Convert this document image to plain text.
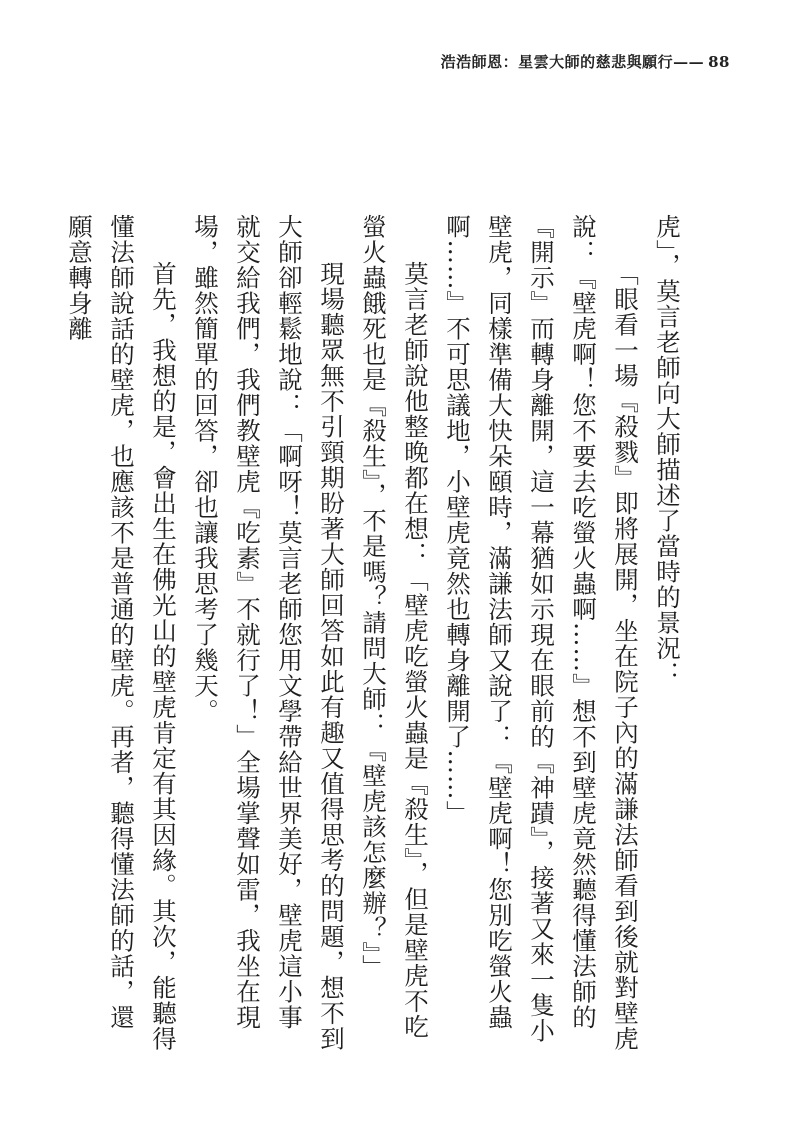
浩浩師恩：星雲大師的慈悲與願行—— 88

虎」，莫言老師向大師描述了當時的景況：

「眼看一場『殺戮』即將展開，坐在院子內的滿謙法師看到後就對壁虎說：『壁虎啊！您不要去吃螢火蟲啊……』想不到壁虎竟然聽得懂法師的『開示』而轉身離開，這一幕猶如示現在眼前的『神蹟』，接著又來一隻小壁虎，同樣準備大快朵頤時，滿謙法師又說了：『壁虎啊！您別吃螢火蟲啊……』不可思議地，小壁虎竟然也轉身離開了……」

莫言老師說他整晚都在想：「壁虎吃螢火蟲是『殺生』，但是壁虎不吃螢火蟲餓死也是『殺生』，不是嗎？請問大師：『壁虎該怎麼辦？』」

現場聽眾無不引頸期盼著大師回答如此有趣又值得思考的問題，想不到大師卻輕鬆地說：「啊呀！莫言老師您用文學帶給世界美好，壁虎這小事就交給我們，我們教壁虎『吃素』不就行了！」全場掌聲如雷，我坐在現場，雖然簡單的回答，卻也讓我思考了幾天。

首先，我想的是，會出生在佛光山的壁虎肯定有其因緣。其次，能聽得懂法師說話的壁虎，也應該不是普通的壁虎。再者，聽得懂法師的話，還願意轉身離
